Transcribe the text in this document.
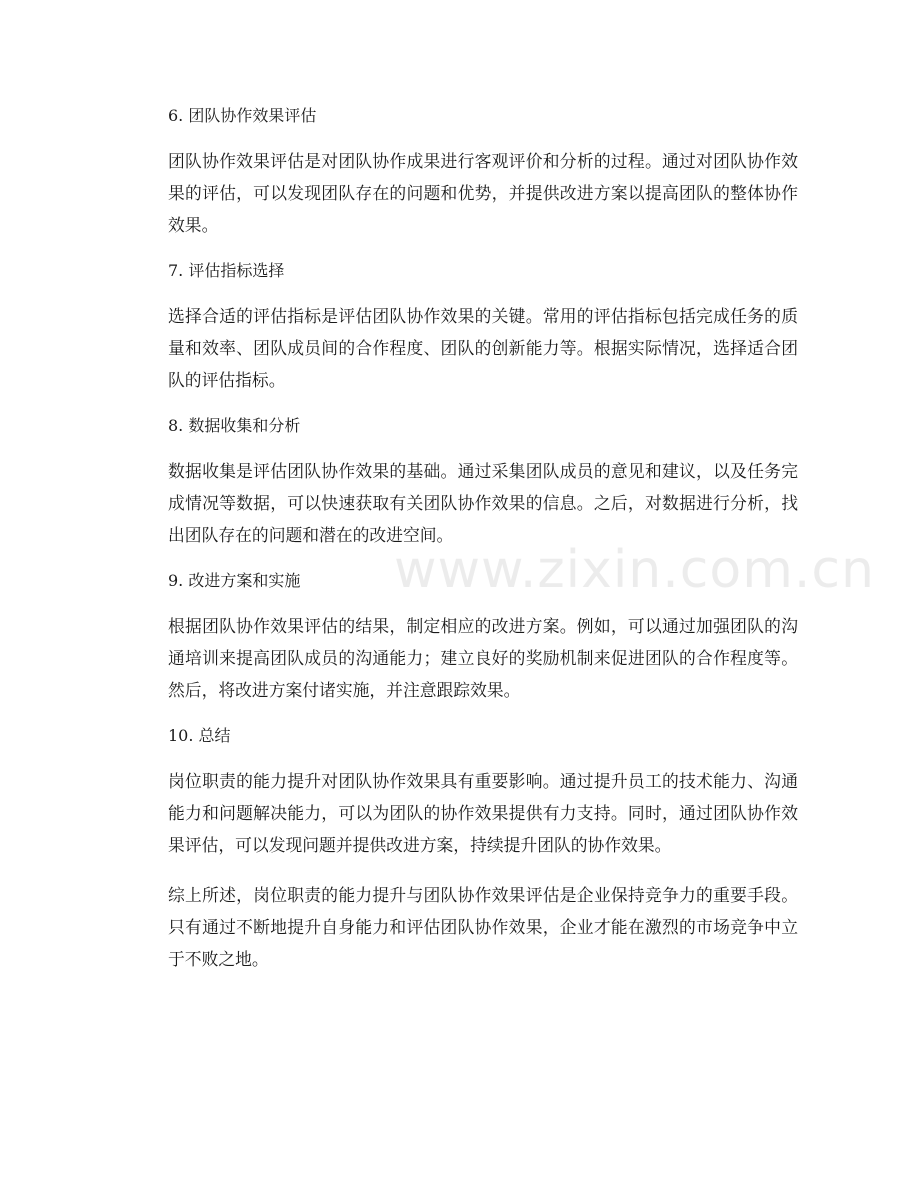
6. 团队协作效果评估

团队协作效果评估是对团队协作成果进行客观评价和分析的过程。通过对团队协作效果的评估，可以发现团队存在的问题和优势，并提供改进方案以提高团队的整体协作效果。

7. 评估指标选择

选择合适的评估指标是评估团队协作效果的关键。常用的评估指标包括完成任务的质量和效率、团队成员间的合作程度、团队的创新能力等。根据实际情况，选择适合团队的评估指标。

8. 数据收集和分析

数据收集是评估团队协作效果的基础。通过采集团队成员的意见和建议，以及任务完成情况等数据，可以快速获取有关团队协作效果的信息。之后，对数据进行分析，找出团队存在的问题和潜在的改进空间。

9. 改进方案和实施

根据团队协作效果评估的结果，制定相应的改进方案。例如，可以通过加强团队的沟通培训来提高团队成员的沟通能力；建立良好的奖励机制来促进团队的合作程度等。然后，将改进方案付诸实施，并注意跟踪效果。

10. 总结

岗位职责的能力提升对团队协作效果具有重要影响。通过提升员工的技术能力、沟通能力和问题解决能力，可以为团队的协作效果提供有力支持。同时，通过团队协作效果评估，可以发现问题并提供改进方案，持续提升团队的协作效果。

综上所述，岗位职责的能力提升与团队协作效果评估是企业保持竞争力的重要手段。只有通过不断地提升自身能力和评估团队协作效果，企业才能在激烈的市场竞争中立于不败之地。

www.zixin.com.cn
